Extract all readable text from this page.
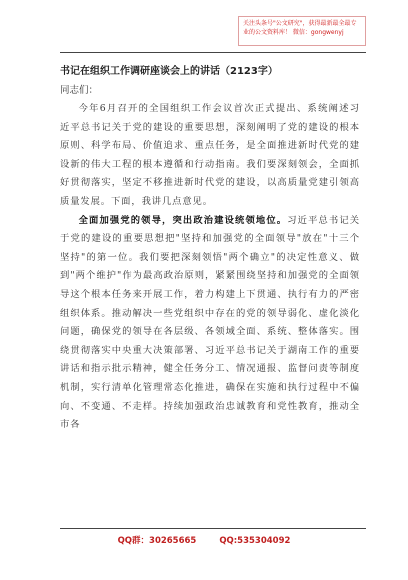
关注头条号"公文研究"，获得最新最全最专业的公文资料库！ 微信：gongwenyj
书记在组织工作调研座谈会上的讲话（2123字）
同志们：

今年6月召开的全国组织工作会议首次正式提出、系统阐述习近平总书记关于党的建设的重要思想，深刻阐明了党的建设的根本原则、科学布局、价值追求、重点任务，是全面推进新时代党的建设新的伟大工程的根本遵循和行动指南。我们要深刻领会，全面抓好贯彻落实，坚定不移推进新时代党的建设，以高质量党建引领高质量发展。下面，我讲几点意见。

全面加强党的领导，突出政治建设统领地位。习近平总书记关于党的建设的重要思想把"坚持和加强党的全面领导"放在"十三个坚持"的第一位。我们要把深刻领悟"两个确立"的决定性意义、做到"两个维护"作为最高政治原则，紧紧围绕坚持和加强党的全面领导这个根本任务来开展工作，着力构建上下贯通、执行有力的严密组织体系。推动解决一些党组织中存在的党的领导弱化、虚化淡化问题，确保党的领导在各层级、各领域全面、系统、整体落实。围绕贯彻落实中央重大决策部署、习近平总书记关于湖南工作的重要讲话和指示批示精神，健全任务分工、情况通报、监督问责等制度机制，实行清单化管理常态化推进，确保在实施和执行过程中不偏向、不变通、不走样。持续加强政治忠诚教育和党性教育，推动全市各

QQ群：30265665	QQ:535304092
